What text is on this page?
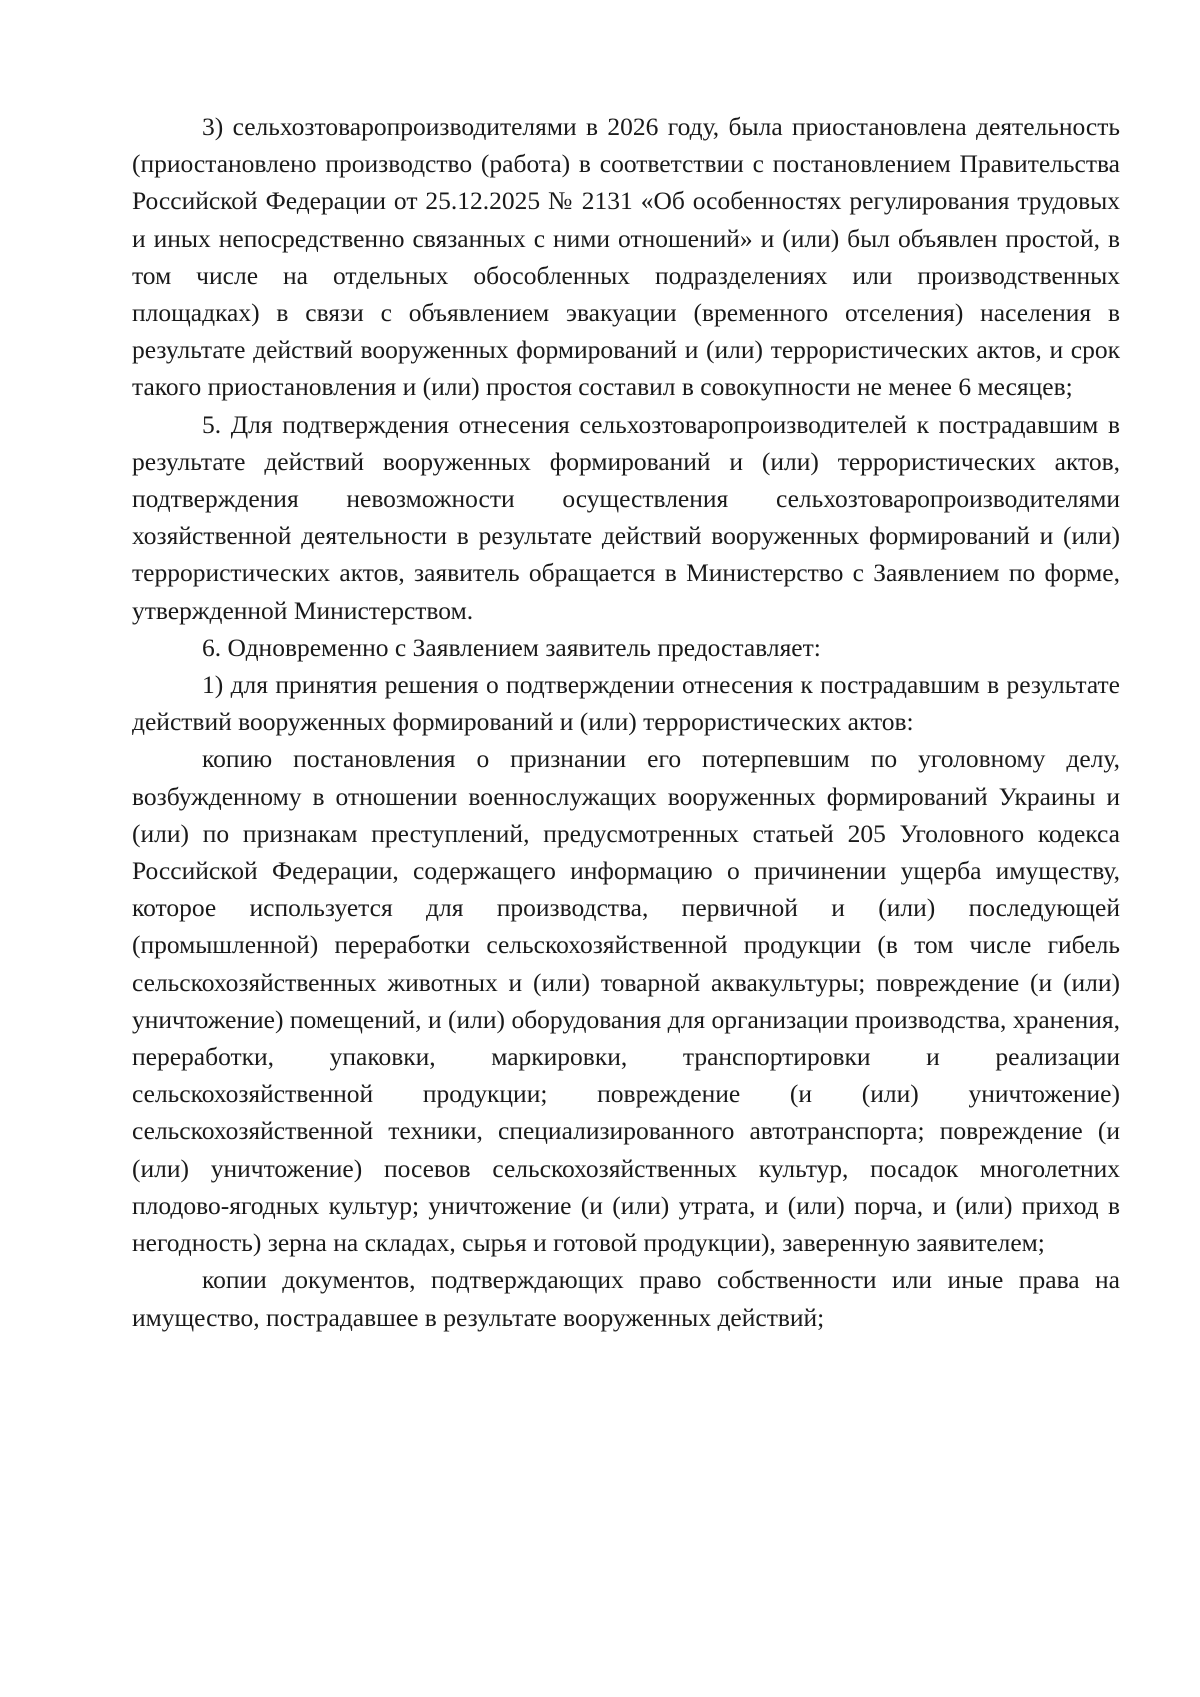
3) сельхозтоваропроизводителями в 2026 году, была приостановлена деятельность (приостановлено производство (работа) в соответствии с постановлением Правительства Российской Федерации от 25.12.2025 № 2131 «Об особенностях регулирования трудовых и иных непосредственно связанных с ними отношений» и (или) был объявлен простой, в том числе на отдельных обособленных подразделениях или производственных площадках) в связи с объявлением эвакуации (временного отселения) населения в результате действий вооруженных формирований и (или) террористических актов, и срок такого приостановления и (или) простоя составил в совокупности не менее 6 месяцев;

5. Для подтверждения отнесения сельхозтоваропроизводителей к пострадавшим в результате действий вооруженных формирований и (или) террористических актов, подтверждения невозможности осуществления сельхозтоваропроизводителями хозяйственной деятельности в результате действий вооруженных формирований и (или) террористических актов, заявитель обращается в Министерство с Заявлением по форме, утвержденной Министерством.

6. Одновременно с Заявлением заявитель предоставляет:

1) для принятия решения о подтверждении отнесения к пострадавшим в результате действий вооруженных формирований и (или) террористических актов:

копию постановления о признании его потерпевшим по уголовному делу, возбужденному в отношении военнослужащих вооруженных формирований Украины и (или) по признакам преступлений, предусмотренных статьей 205 Уголовного кодекса Российской Федерации, содержащего информацию о причинении ущерба имуществу, которое используется для производства, первичной и (или) последующей (промышленной) переработки сельскохозяйственной продукции (в том числе гибель сельскохозяйственных животных и (или) товарной аквакультуры; повреждение (и (или) уничтожение) помещений, и (или) оборудования для организации производства, хранения, переработки, упаковки, маркировки, транспортировки и реализации сельскохозяйственной продукции; повреждение (и (или) уничтожение) сельскохозяйственной техники, специализированного автотранспорта; повреждение (и (или) уничтожение) посевов сельскохозяйственных культур, посадок многолетних плодово-ягодных культур; уничтожение (и (или) утрата, и (или) порча, и (или) приход в негодность) зерна на складах, сырья и готовой продукции), заверенную заявителем;

копии документов, подтверждающих право собственности или иные права на имущество, пострадавшее в результате вооруженных действий;
